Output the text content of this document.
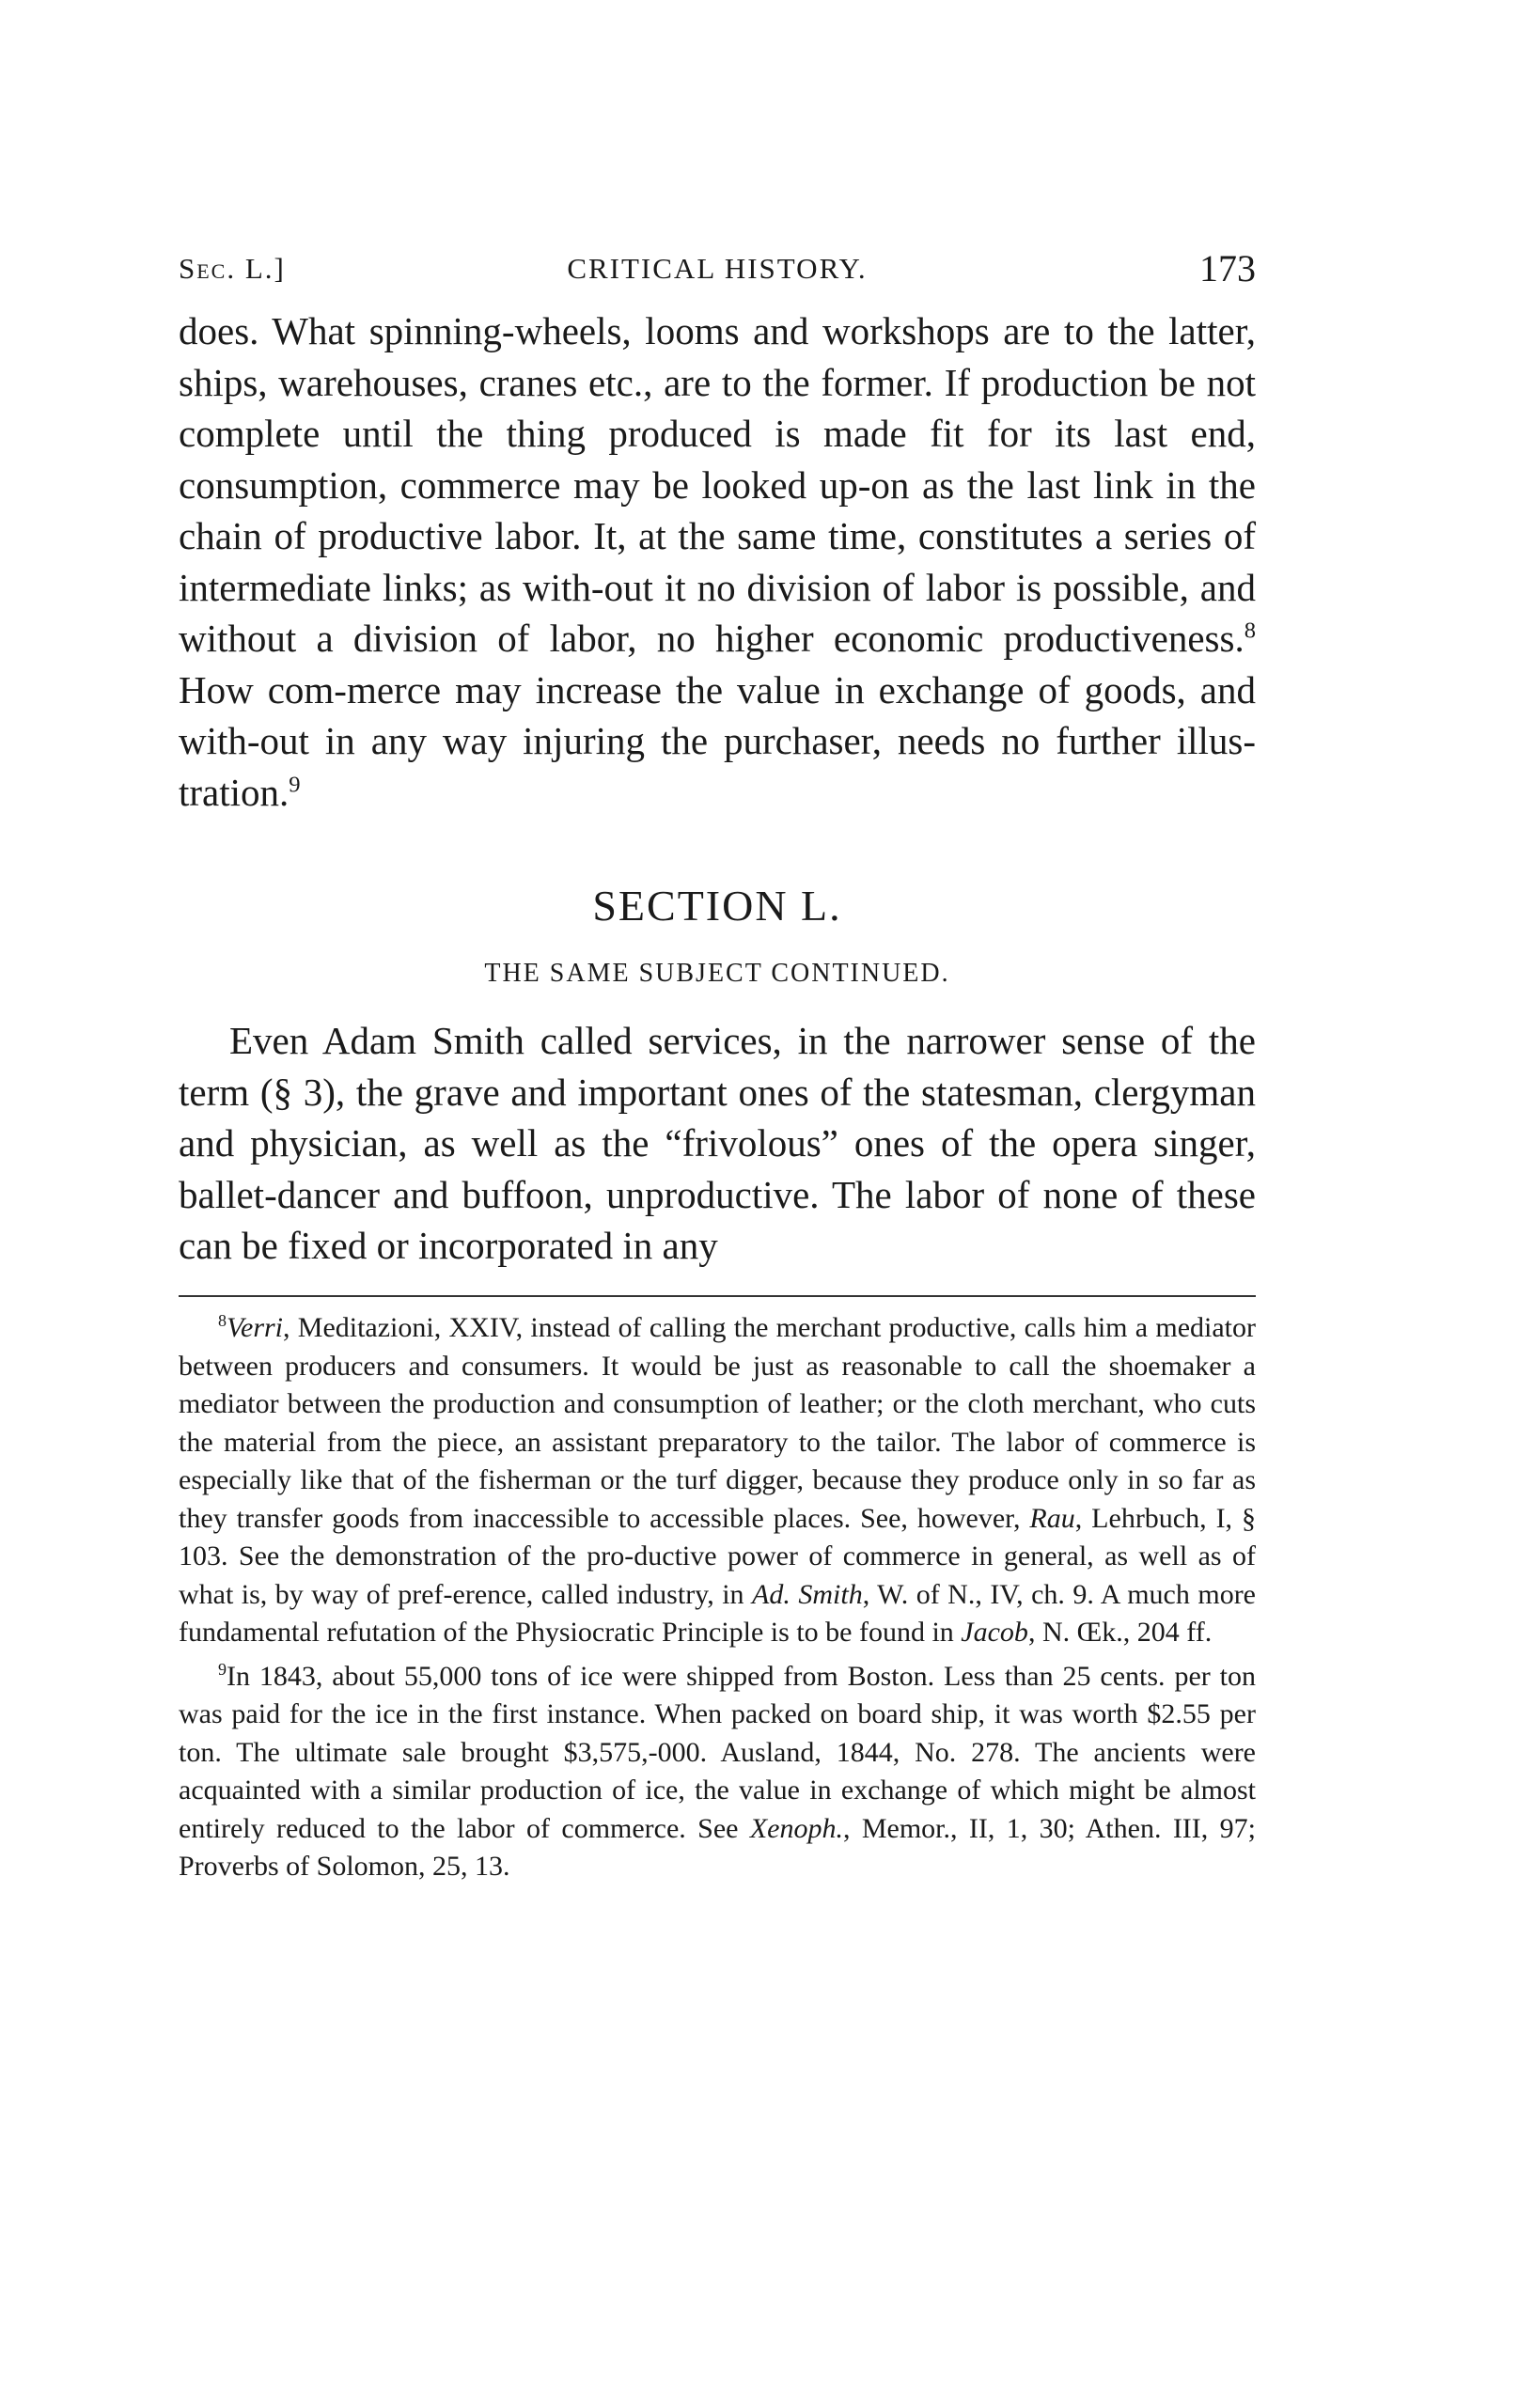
Sec. L.]	CRITICAL HISTORY.	173

does. What spinning-wheels, looms and workshops are to the latter, ships, warehouses, cranes etc., are to the former. If production be not complete until the thing produced is made fit for its last end, consumption, commerce may be looked up-on as the last link in the chain of productive labor. It, at the same time, constitutes a series of intermediate links; as with-out it no division of labor is possible, and without a division of labor, no higher economic productiveness.$^8$ How com-merce may increase the value in exchange of goods, and with-out in any way injuring the purchaser, needs no further illus-tration.$^9$

SECTION L.
THE SAME SUBJECT CONTINUED.

Even Adam Smith called services, in the narrower sense of the term (§ 3), the grave and important ones of the statesman, clergyman and physician, as well as the “frivolous” ones of the opera singer, ballet-dancer and buffoon, unproductive. The labor of none of these can be fixed or incorporated in any

$^8$Verri, Meditazioni, XXIV, instead of calling the merchant productive, calls him a mediator between producers and consumers. It would be just as reasonable to call the shoemaker a mediator between the production and consumption of leather; or the cloth merchant, who cuts the material from the piece, an assistant preparatory to the tailor. The labor of commerce is especially like that of the fisherman or the turf digger, because they produce only in so far as they transfer goods from inaccessible to accessible places. See, however, Rau, Lehrbuch, I, § 103. See the demonstration of the pro-ductive power of commerce in general, as well as of what is, by way of pref-erence, called industry, in Ad. Smith, W. of N., IV, ch. 9. A much more fundamental refutation of the Physiocratic Principle is to be found in Jacob, N. Œk., 204 ff.

$^9$In 1843, about 55,000 tons of ice were shipped from Boston. Less than 25 cents. per ton was paid for the ice in the first instance. When packed on board ship, it was worth $2.55 per ton. The ultimate sale brought $3,575,-000. Ausland, 1844, No. 278. The ancients were acquainted with a similar production of ice, the value in exchange of which might be almost entirely reduced to the labor of commerce. See Xenoph., Memor., II, 1, 30; Athen. III, 97; Proverbs of Solomon, 25, 13.
